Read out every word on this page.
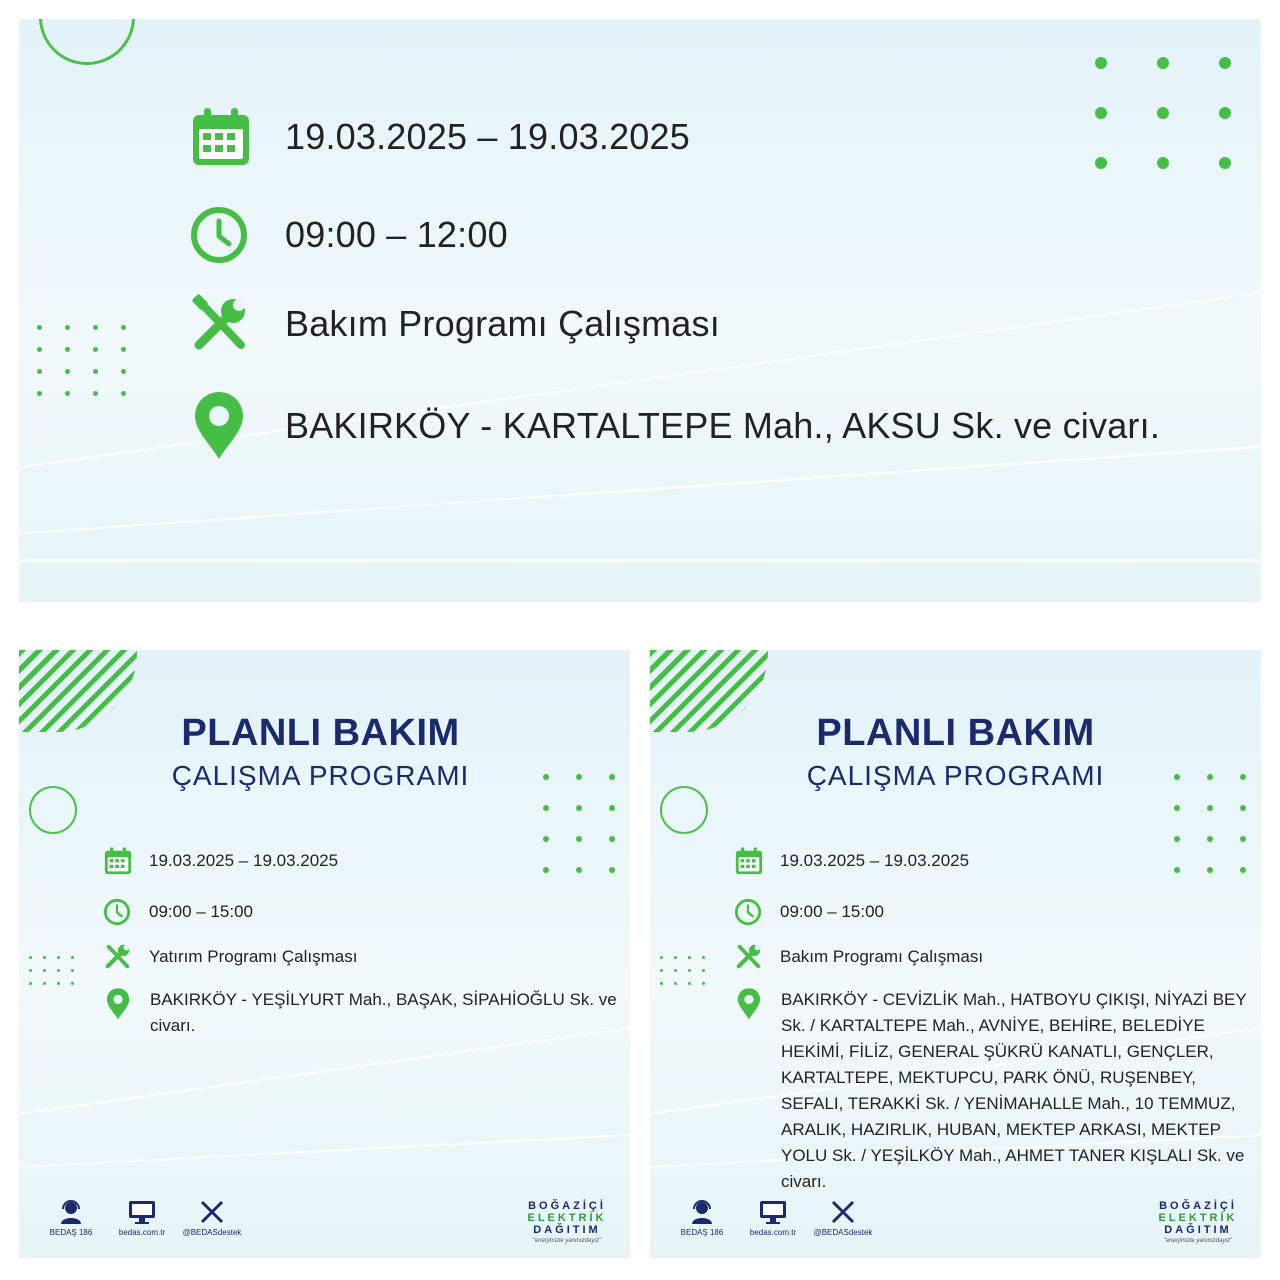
19.03.2025 – 19.03.2025
09:00 – 12:00
Bakım Programı Çalışması
BAKIRKÖY - KARTALTEPE Mah., AKSU Sk. ve civarı.
PLANLI BAKIM
ÇALIŞMA PROGRAMI
19.03.2025 – 19.03.2025
09:00 – 15:00
Yatırım Programı Çalışması
BAKIRKÖY - YEŞİLYURT Mah., BAŞAK, SİPAHİOĞLU Sk. ve civarı.
BEDAŞ 186	bedas.com.tr	@BEDASdestek
BOĞAZİÇİ
ELEKTRİK
DAĞITIM
"enerjimizle yanınızdayız"
PLANLI BAKIM
ÇALIŞMA PROGRAMI
19.03.2025 – 19.03.2025
09:00 – 15:00
Bakım Programı Çalışması
BAKIRKÖY - CEVİZLİK Mah., HATBOYU ÇIKIŞI, NİYAZİ BEY Sk. / KARTALTEPE Mah., AVNİYE, BEHİRE, BELEDİYE HEKİMİ, FİLİZ, GENERAL ŞÜKRÜ KANATLI, GENÇLER, KARTALTEPE, MEKTUPCU, PARK ÖNÜ, RUŞENBEY, SEFALI, TERAKKİ Sk. / YENİMAHALLE Mah., 10 TEMMUZ, ARALIK, HAZIRLIK, HUBAN, MEKTEP ARKASI, MEKTEP YOLU Sk. / YEŞİLKÖY Mah., AHMET TANER KIŞLALI Sk. ve civarı.
BEDAŞ 186	bedas.com.tr	@BEDASdestek
BOĞAZİÇİ
ELEKTRİK
DAĞITIM
"enerjimizle yanınızdayız"
